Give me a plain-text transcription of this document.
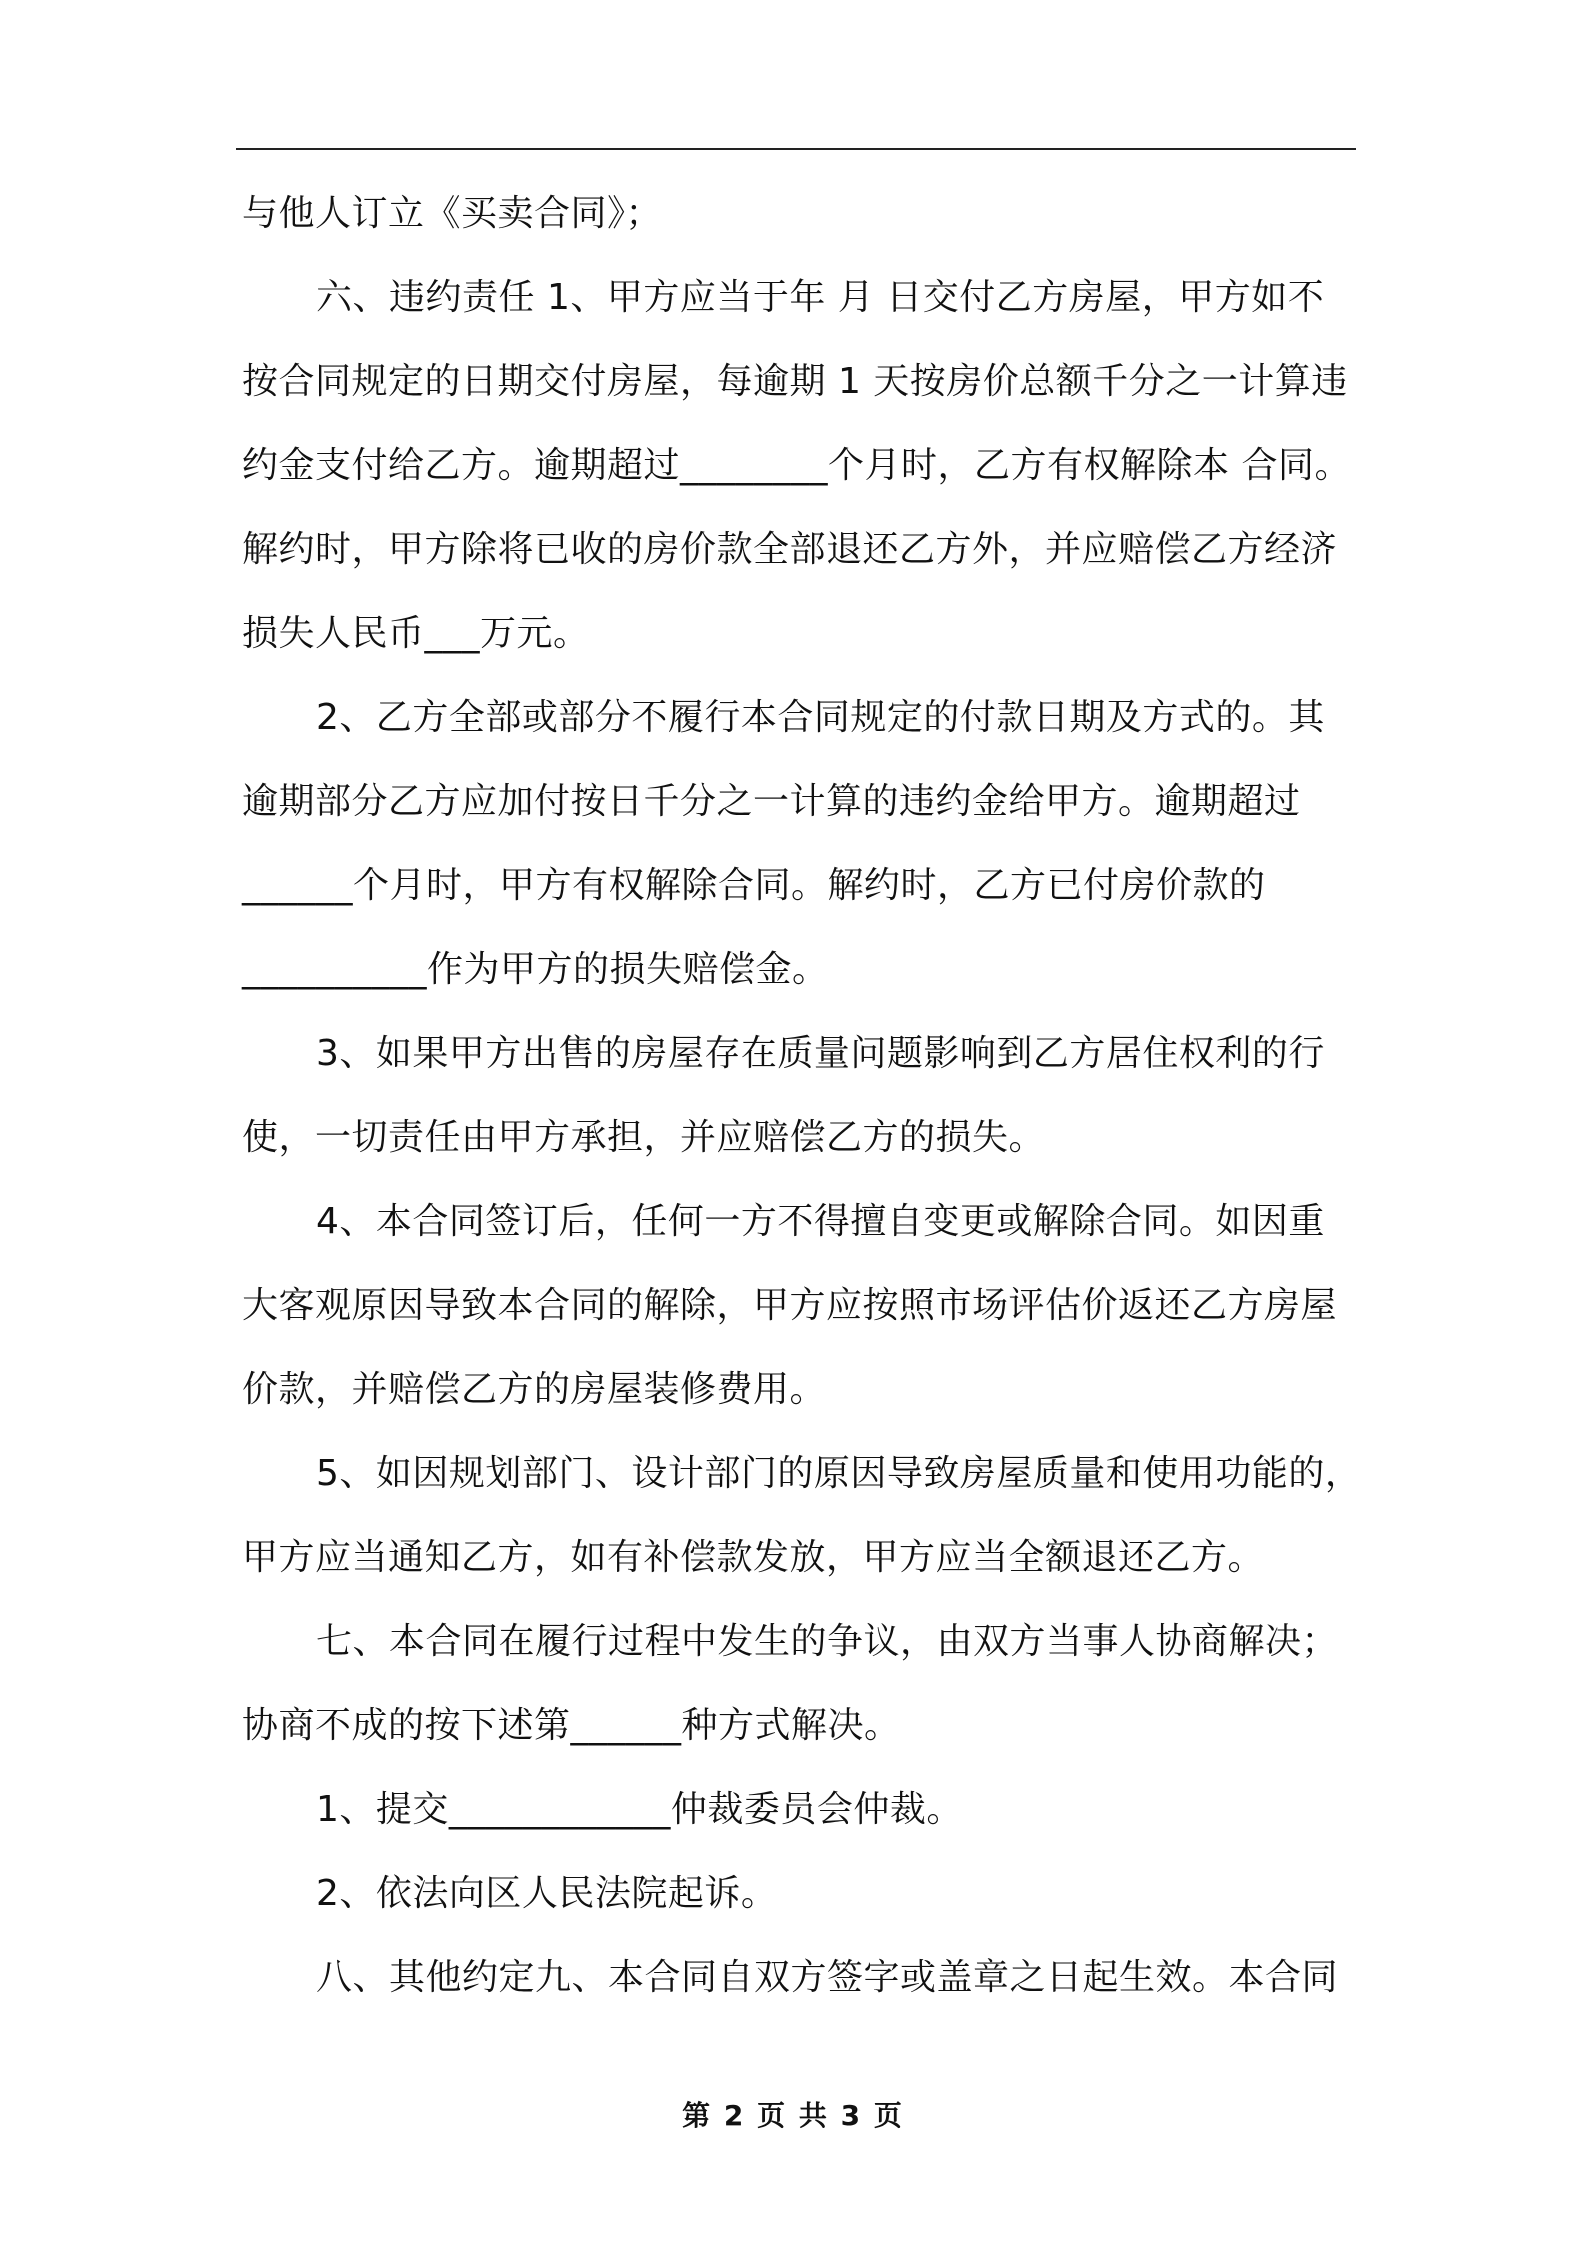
与他人订立《买卖合同》；
六、违约责任 1、甲方应当于年 月 日交付乙方房屋，甲方如不
按合同规定的日期交付房屋，每逾期 1 天按房价总额千分之一计算违
约金支付给乙方。逾期超过________个月时，乙方有权解除本 合同。
解约时，甲方除将已收的房价款全部退还乙方外，并应赔偿乙方经济
损失人民币___万元。
2、乙方全部或部分不履行本合同规定的付款日期及方式的。其
逾期部分乙方应加付按日千分之一计算的违约金给甲方。逾期超过
______个月时，甲方有权解除合同。解约时，乙方已付房价款的
__________作为甲方的损失赔偿金。
3、如果甲方出售的房屋存在质量问题影响到乙方居住权利的行
使，一切责任由甲方承担，并应赔偿乙方的损失。
4、本合同签订后，任何一方不得擅自变更或解除合同。如因重
大客观原因导致本合同的解除，甲方应按照市场评估价返还乙方房屋
价款，并赔偿乙方的房屋装修费用。
5、如因规划部门、设计部门的原因导致房屋质量和使用功能的，
甲方应当通知乙方，如有补偿款发放，甲方应当全额退还乙方。
七、本合同在履行过程中发生的争议，由双方当事人协商解决；
协商不成的按下述第______种方式解决。
1、提交____________仲裁委员会仲裁。
2、依法向区人民法院起诉。
八、其他约定九、本合同自双方签字或盖章之日起生效。本合同
第 2 页 共 3 页
